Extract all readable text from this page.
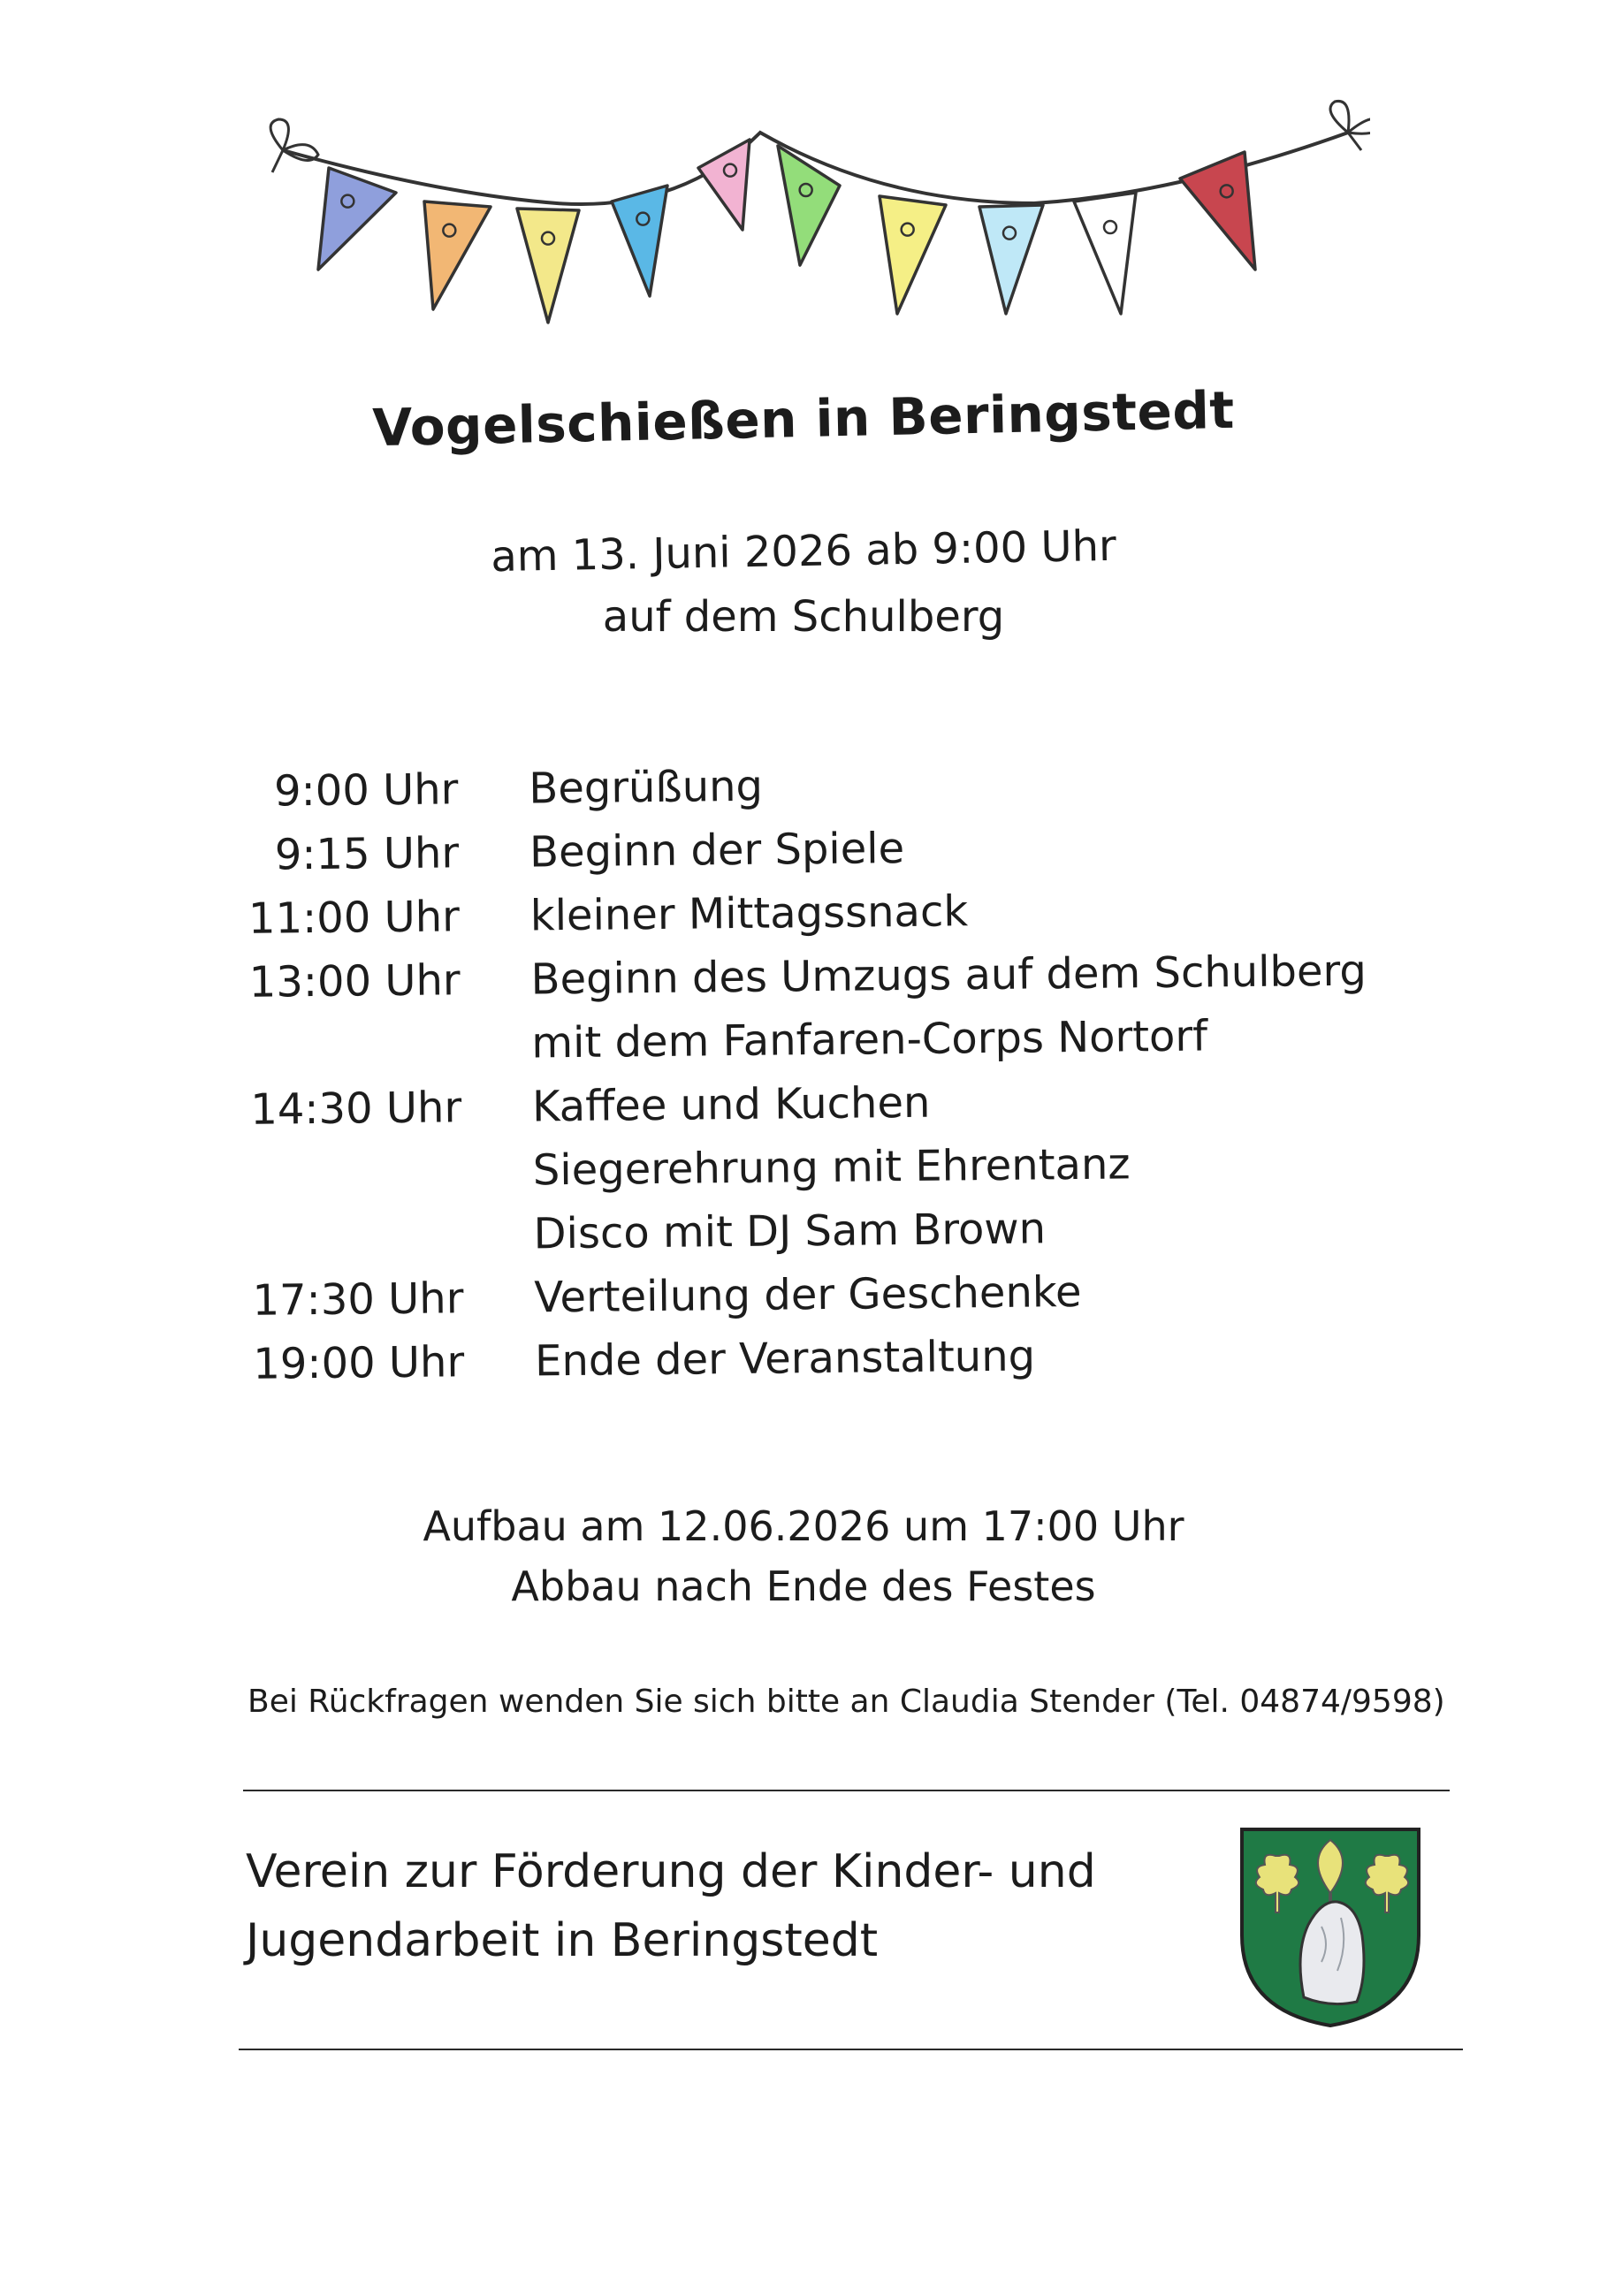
Vogelschießen in Beringstedt
am 13. Juni 2026 ab 9:00 Uhr
auf dem Schulberg
9:00 Uhr Begrüßung
9:15 Uhr Beginn der Spiele
11:00 Uhr kleiner Mittagssnack
13:00 Uhr Beginn des Umzugs auf dem Schulberg
mit dem Fanfaren-Corps Nortorf
14:30 Uhr Kaffee und Kuchen
Siegerehrung mit Ehrentanz
Disco mit DJ Sam Brown
17:30 Uhr Verteilung der Geschenke
19:00 Uhr Ende der Veranstaltung
Aufbau am 12.06.2026 um 17:00 Uhr
Abbau nach Ende des Festes
Bei Rückfragen wenden Sie sich bitte an Claudia Stender (Tel. 04874/9598)
Verein zur Förderung der Kinder- und
Jugendarbeit in Beringstedt
